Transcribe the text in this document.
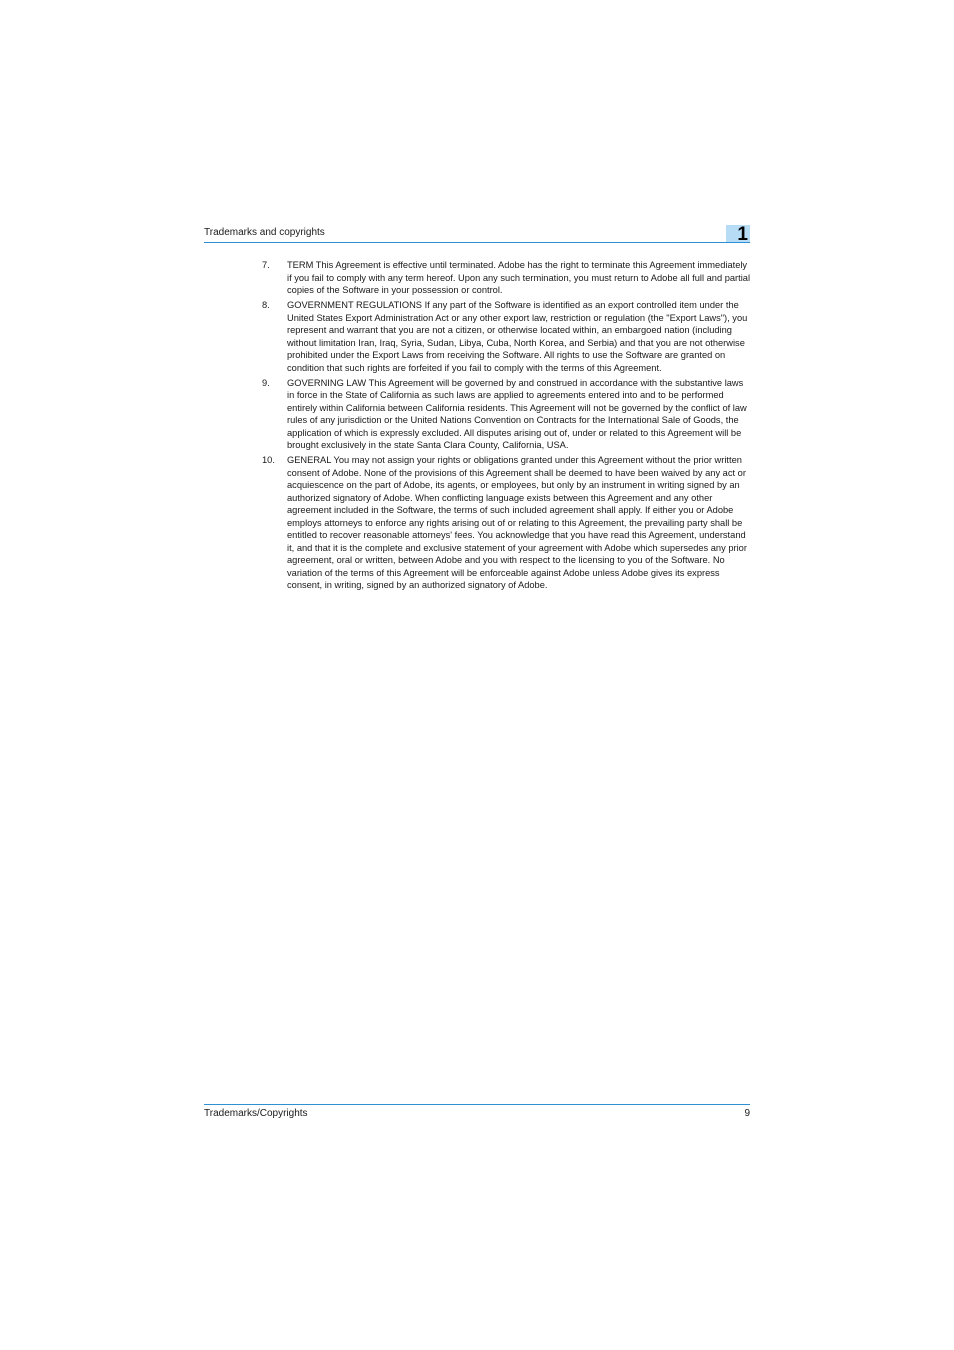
Trademarks and copyrights	1
7. TERM This Agreement is effective until terminated. Adobe has the right to terminate this Agreement immediately if you fail to comply with any term hereof. Upon any such termination, you must return to Adobe all full and partial copies of the Software in your possession or control.
8. GOVERNMENT REGULATIONS If any part of the Software is identified as an export controlled item under the United States Export Administration Act or any other export law, restriction or regulation (the "Export Laws"), you represent and warrant that you are not a citizen, or otherwise located within, an embargoed nation (including without limitation Iran, Iraq, Syria, Sudan, Libya, Cuba, North Korea, and Serbia) and that you are not otherwise prohibited under the Export Laws from receiving the Software. All rights to use the Software are granted on condition that such rights are forfeited if you fail to comply with the terms of this Agreement.
9. GOVERNING LAW This Agreement will be governed by and construed in accordance with the substantive laws in force in the State of California as such laws are applied to agreements entered into and to be performed entirely within California between California residents. This Agreement will not be governed by the conflict of law rules of any jurisdiction or the United Nations Convention on Contracts for the International Sale of Goods, the application of which is expressly excluded. All disputes arising out of, under or related to this Agreement will be brought exclusively in the state Santa Clara County, California, USA.
10. GENERAL You may not assign your rights or obligations granted under this Agreement without the prior written consent of Adobe. None of the provisions of this Agreement shall be deemed to have been waived by any act or acquiescence on the part of Adobe, its agents, or employees, but only by an instrument in writing signed by an authorized signatory of Adobe. When conflicting language exists between this Agreement and any other agreement included in the Software, the terms of such included agreement shall apply. If either you or Adobe employs attorneys to enforce any rights arising out of or relating to this Agreement, the prevailing party shall be entitled to recover reasonable attorneys' fees. You acknowledge that you have read this Agreement, understand it, and that it is the complete and exclusive statement of your agreement with Adobe which supersedes any prior agreement, oral or written, between Adobe and you with respect to the licensing to you of the Software. No variation of the terms of this Agreement will be enforceable against Adobe unless Adobe gives its express consent, in writing, signed by an authorized signatory of Adobe.
Trademarks/Copyrights	9
